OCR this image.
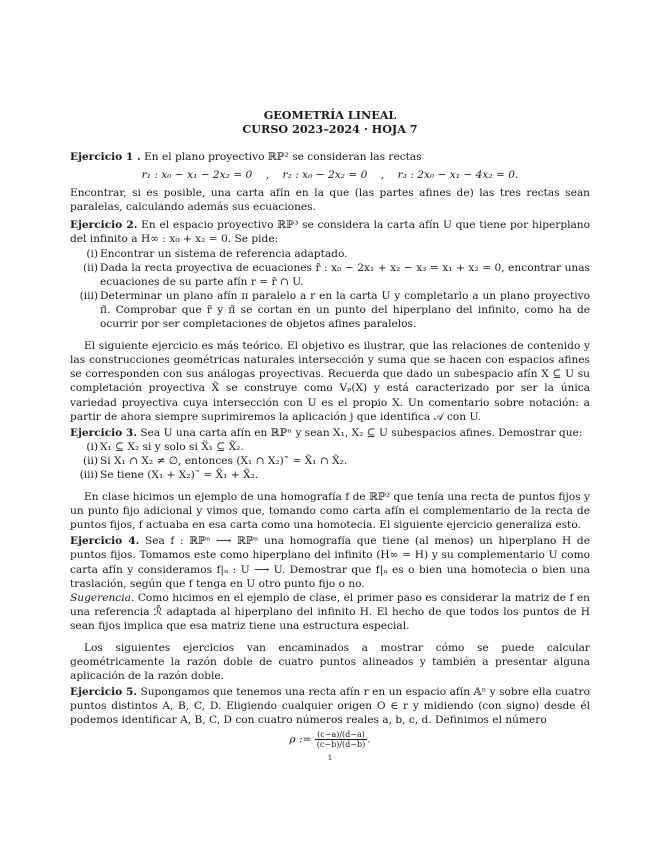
GEOMETRÍA LINEAL
CURSO 2023–2024 · HOJA 7
Ejercicio 1 . En el plano proyectivo ℝℙ² se consideran las rectas
r₁ : x₀ − x₁ − 2x₂ = 0    ,    r₂ : x₀ − 2x₂ = 0    ,    r₃ : 2x₀ − x₁ − 4x₂ = 0.
Encontrar, si es posible, una carta afín en la que (las partes afines de) las tres rectas sean paralelas, calculando además sus ecuaciones.
Ejercicio 2. En el espacio proyectivo ℝℙ³ se considera la carta afín U que tiene por hiperplano del infinito a H∞ : x₀ + x₂ = 0. Se pide:
(i) Encontrar un sistema de referencia adaptado.
(ii) Dada la recta proyectiva de ecuaciones r̃ : x₀ − 2x₁ + x₂ − x₃ = x₁ + x₂ = 0, encontrar unas ecuaciones de su parte afín r = r̃ ∩ U.
(iii) Determinar un plano afín π paralelo a r en la carta U y completarlo a un plano proyectivo π̃. Comprobar que r̃ y π̃ se cortan en un punto del hiperplano del infinito, como ha de ocurrir por ser completaciones de objetos afines paralelos.
El siguiente ejercicio es más teórico. El objetivo es ilustrar, que las relaciones de contenido y las construcciones geométricas naturales intersección y suma que se hacen con espacios afines se corresponden con sus análogas proyectivas. Recuerda que dado un subespacio afín X ⊆ U su completación proyectiva X̃ se construye como Vₚ(X) y está caracterizado por ser la única variedad proyectiva cuya intersección con U es el propio X. Un comentario sobre notación: a partir de ahora siempre suprimiremos la aplicación j que identifica 𝒜 con U.
Ejercicio 3. Sea U una carta afín en ℝℙⁿ y sean X₁, X₂ ⊆ U subespacios afines. Demostrar que:
(i) X₁ ⊆ X₂ si y solo si X̃₁ ⊆ X̃₂.
(ii) Si X₁ ∩ X₂ ≠ ∅, entonces (X₁ ∩ X₂)˜ = X̃₁ ∩ X̃₂.
(iii) Se tiene (X₁ + X₂)˜ = X̃₁ + X̃₂.
En clase hicimos un ejemplo de una homografía f de ℝℙ² que tenía una recta de puntos fijos y un punto fijo adicional y vimos que, tomando como carta afín el complementario de la recta de puntos fijos, f actuaba en esa carta como una homotecia. El siguiente ejercicio generaliza esto.
Ejercicio 4. Sea f : ℝℙⁿ ⟶ ℝℙⁿ una homografía que tiene (al menos) un hiperplano H de puntos fijos. Tomamos este como hiperplano del infinito (H∞ = H) y su complementario U como carta afín y consideramos f|ᵤ : U ⟶ U. Demostrar que f|ᵤ es o bien una homotecia o bien una traslación, según que f tenga en U otro punto fijo o no.
Sugerencia. Como hicimos en el ejemplo de clase, el primer paso es considerar la matriz de f en una referencia ℛ̃ adaptada al hiperplano del infinito H. El hecho de que todos los puntos de H sean fijos implica que esa matriz tiene una estructura especial.
Los siguientes ejercicios van encaminados a mostrar cómo se puede calcular geométricamente la razón doble de cuatro puntos alineados y también a presentar alguna aplicación de la razón doble.
Ejercicio 5. Supongamos que tenemos una recta afín r en un espacio afín 𝔸ⁿ y sobre ella cuatro puntos distintos A, B, C, D. Eligiendo cualquier origen O ∈ r y midiendo (con signo) desde él podemos identificar A, B, C, D con cuatro números reales a, b, c, d. Definimos el número
ρ := $\frac{(c-a)/(d-a)}{(c-b)/(d-b)}$ .
1
